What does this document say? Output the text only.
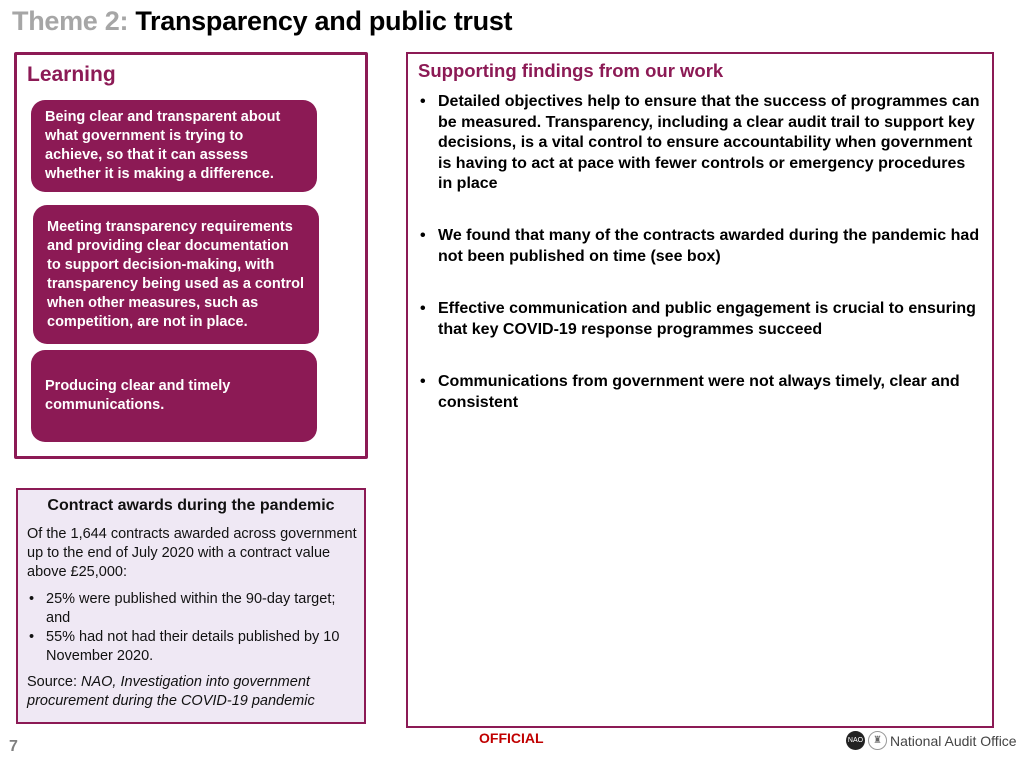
Theme 2: Transparency and public trust
Learning
Being clear and transparent about what government is trying to achieve, so that it can assess whether it is making a difference.
Meeting transparency requirements and providing clear documentation to support decision-making, with transparency being used as a control when other measures, such as competition, are not in place.
Producing clear and timely communications.
Supporting findings from our work
• Detailed objectives help to ensure that the success of programmes can be measured. Transparency, including a clear audit trail to support key decisions, is a vital control to ensure accountability when government is having to act at pace with fewer controls or emergency procedures in place
• We found that many of the contracts awarded during the pandemic had not been published on time (see box)
• Effective communication and public engagement is crucial to ensuring that key COVID-19 response programmes succeed
• Communications from government were not always timely, clear and consistent
Contract awards during the pandemic

Of the 1,644 contracts awarded across government up to the end of July 2020 with a contract value above £25,000:

• 25% were published within the 90-day target; and
• 55% had not had their details published by 10 November 2020.

Source: NAO, Investigation into government procurement during the COVID-19 pandemic

OFFICIAL
7	NAO ♜ National Audit Office
